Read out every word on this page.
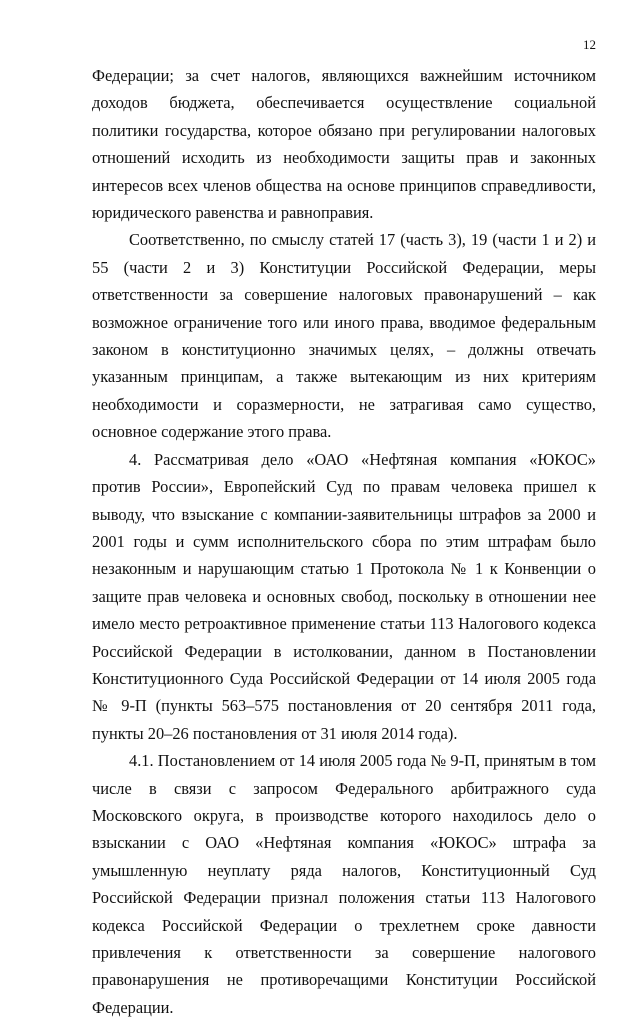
12

Федерации; за счет налогов, являющихся важнейшим источником доходов бюджета, обеспечивается осуществление социальной политики государства, которое обязано при регулировании налоговых отношений исходить из необходимости защиты прав и законных интересов всех членов общества на основе принципов справедливости, юридического равенства и равноправия.

Соответственно, по смыслу статей 17 (часть 3), 19 (части 1 и 2) и 55 (части 2 и 3) Конституции Российской Федерации, меры ответственности за совершение налоговых правонарушений – как возможное ограничение того или иного права, вводимое федеральным законом в конституционно значимых целях, – должны отвечать указанным принципам, а также вытекающим из них критериям необходимости и соразмерности, не затрагивая само существо, основное содержание этого права.

4. Рассматривая дело «ОАО «Нефтяная компания «ЮКОС» против России», Европейский Суд по правам человека пришел к выводу, что взыскание с компании-заявительницы штрафов за 2000 и 2001 годы и сумм исполнительского сбора по этим штрафам было незаконным и нарушающим статью 1 Протокола № 1 к Конвенции о защите прав человека и основных свобод, поскольку в отношении нее имело место ретроактивное применение статьи 113 Налогового кодекса Российской Федерации в истолковании, данном в Постановлении Конституционного Суда Российской Федерации от 14 июля 2005 года № 9-П (пункты 563–575 постановления от 20 сентября 2011 года, пункты 20–26 постановления от 31 июля 2014 года).

4.1. Постановлением от 14 июля 2005 года № 9-П, принятым в том числе в связи с запросом Федерального арбитражного суда Московского округа, в производстве которого находилось дело о взыскании с ОАО «Нефтяная компания «ЮКОС» штрафа за умышленную неуплату ряда налогов, Конституционный Суд Российской Федерации признал положения статьи 113 Налогового кодекса Российской Федерации о трехлетнем сроке давности привлечения к ответственности за совершение налогового правонарушения не противоречащими Конституции Российской Федерации.
